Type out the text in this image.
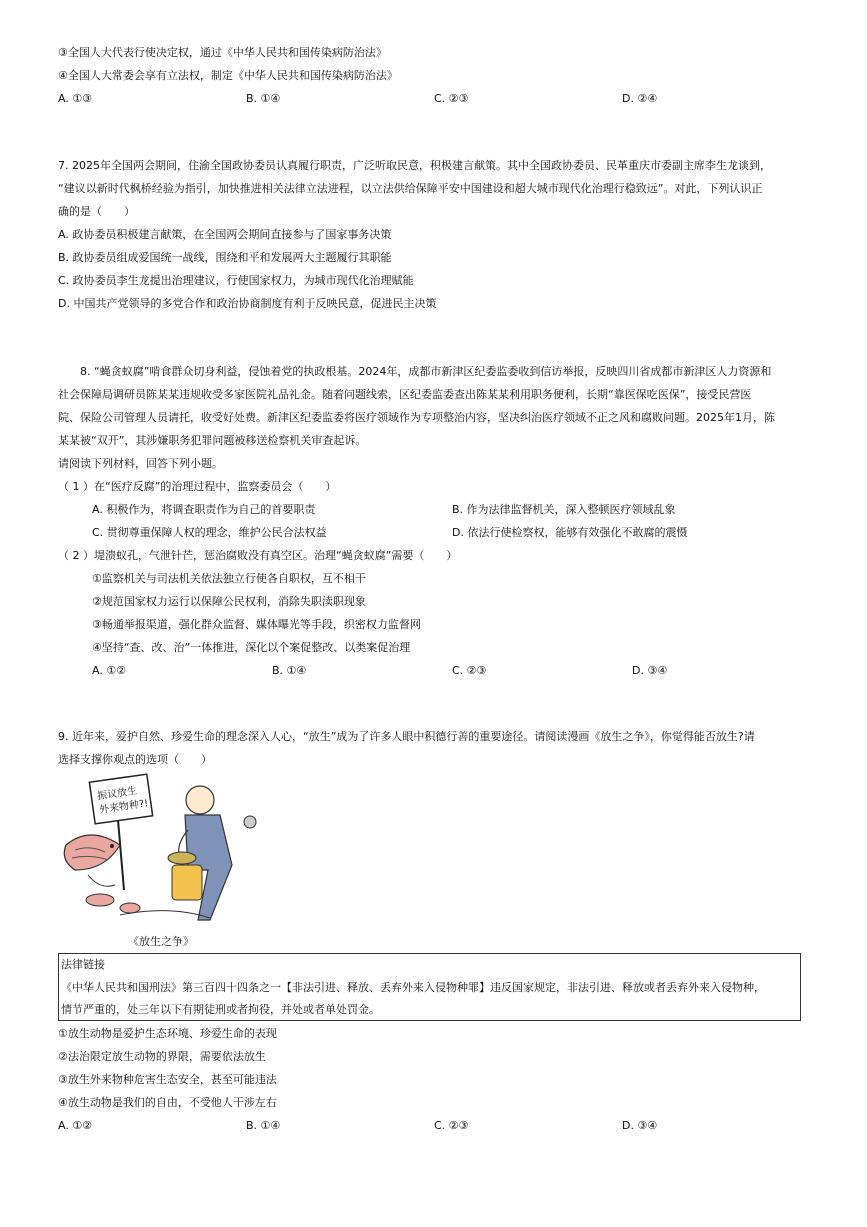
③全国人大代表行使决定权，通过《中华人民共和国传染病防治法》
④全国人大常委会享有立法权，制定《中华人民共和国传染病防治法》
A. ①③	B. ①④	C. ②③	D. ②④
7. 2025年全国两会期间，住渝全国政协委员认真履行职责，广泛听取民意，积极建言献策。其中全国政协委员、民革重庆市委副主席李生龙谈到，
“建议以新时代枫桥经验为指引，加快推进相关法律立法进程，以立法供给保障平安中国建设和超大城市现代化治理行稳致远”。对此，下列认识正
确的是（　　）
A. 政协委员积极建言献策，在全国两会期间直接参与了国家事务决策
B. 政协委员组成爱国统一战线，围绕和平和发展两大主题履行其职能
C. 政协委员李生龙提出治理建议，行使国家权力，为城市现代化治理赋能
D. 中国共产党领导的多党合作和政治协商制度有利于反映民意，促进民主决策
8. “蝇贪蚁腐”啃食群众切身利益，侵蚀着党的执政根基。2024年，成都市新津区纪委监委收到信访举报，反映四川省成都市新津区人力资源和
社会保障局调研员陈某某违规收受多家医院礼品礼金。随着问题线索，区纪委监委查出陈某某利用职务便利，长期“靠医保吃医保”，接受民营医
院、保险公司管理人员请托，收受好处费。新津区纪委监委将医疗领域作为专项整治内容，坚决纠治医疗领域不正之风和腐败问题。2025年1月，陈
某某被“双开”，其涉嫌职务犯罪问题被移送检察机关审查起诉。
请阅读下列材料，回答下列小题。
（ 1 ）在“医疗反腐”的治理过程中，监察委员会（　　）
A. 积极作为，将调查职责作为自己的首要职责	B. 作为法律监督机关，深入整顿医疗领域乱象
C. 贯彻尊重保障人权的理念，维护公民合法权益	D. 依法行使检察权，能够有效强化不敢腐的震慑
（ 2 ）堤溃蚁孔，气泄针芒，惩治腐败没有真空区。治理“蝇贪蚁腐”需要（　　）
①监察机关与司法机关依法独立行使各自职权，互不相干
②规范国家权力运行以保障公民权利，消除失职渎职现象
③畅通举报渠道，强化群众监督、媒体曝光等手段，织密权力监督网
④坚持“查、改、治”一体推进，深化以个案促整改、以类案促治理
A. ①②	B. ①④	C. ②③	D. ③④
9. 近年来，爱护自然、珍爱生命的理念深入人心，“放生”成为了许多人眼中积德行善的重要途径。请阅读漫画《放生之争》，你觉得能否放生?请
选择支撑你观点的选项（　　）
振议放生
外来物种?!
《放生之争》
法律链接
《中华人民共和国刑法》第三百四十四条之一【非法引进、释放、丢弃外来入侵物种罪】违反国家规定，非法引进、释放或者丢弃外来入侵物种，
情节严重的，处三年以下有期徒刑或者拘役，并处或者单处罚金。
①放生动物是爱护生态环境、珍爱生命的表现
②法治限定放生动物的界限，需要依法放生
③放生外来物种危害生态安全，甚至可能违法
④放生动物是我们的自由，不受他人干涉左右
A. ①②	B. ①④	C. ②③	D. ③④
